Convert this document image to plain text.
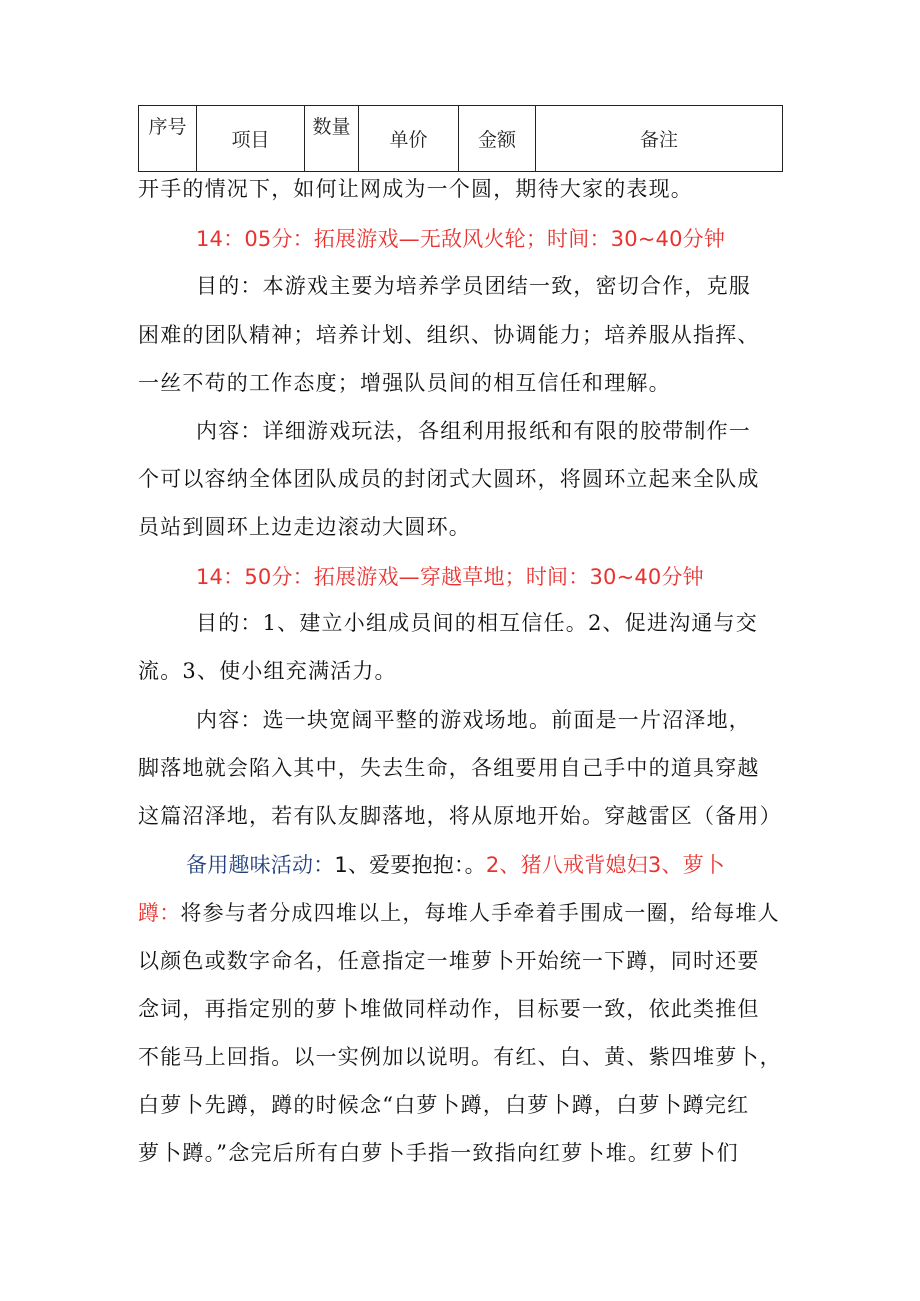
序号	项目	数量	单价	金额	备注
开手的情况下，如何让网成为一个圆，期待大家的表现。
14：05分：拓展游戏—无敌风火轮；时间：30~40分钟
目的：本游戏主要为培养学员团结一致，密切合作，克服
困难的团队精神；培养计划、组织、协调能力；培养服从指挥、
一丝不苟的工作态度；增强队员间的相互信任和理解。
内容：详细游戏玩法，各组利用报纸和有限的胶带制作一
个可以容纳全体团队成员的封闭式大圆环，将圆环立起来全队成
员站到圆环上边走边滚动大圆环。
14：50分：拓展游戏—穿越草地；时间：30~40分钟
目的：1、建立小组成员间的相互信任。2、促进沟通与交
流。3、使小组充满活力。
内容：选一块宽阔平整的游戏场地。前面是一片沼泽地，
脚落地就会陷入其中，失去生命，各组要用自己手中的道具穿越
这篇沼泽地，若有队友脚落地，将从原地开始。穿越雷区（备用）
备用趣味活动：1、爱要抱抱：。2、猪八戒背媳妇3、萝卜
蹲：将参与者分成四堆以上，每堆人手牵着手围成一圈，给每堆人
以颜色或数字命名，任意指定一堆萝卜开始统一下蹲，同时还要
念词，再指定别的萝卜堆做同样动作，目标要一致，依此类推但
不能马上回指。以一实例加以说明。有红、白、黄、紫四堆萝卜，
白萝卜先蹲，蹲的时候念“白萝卜蹲，白萝卜蹲，白萝卜蹲完红
萝卜蹲。”念完后所有白萝卜手指一致指向红萝卜堆。红萝卜们
